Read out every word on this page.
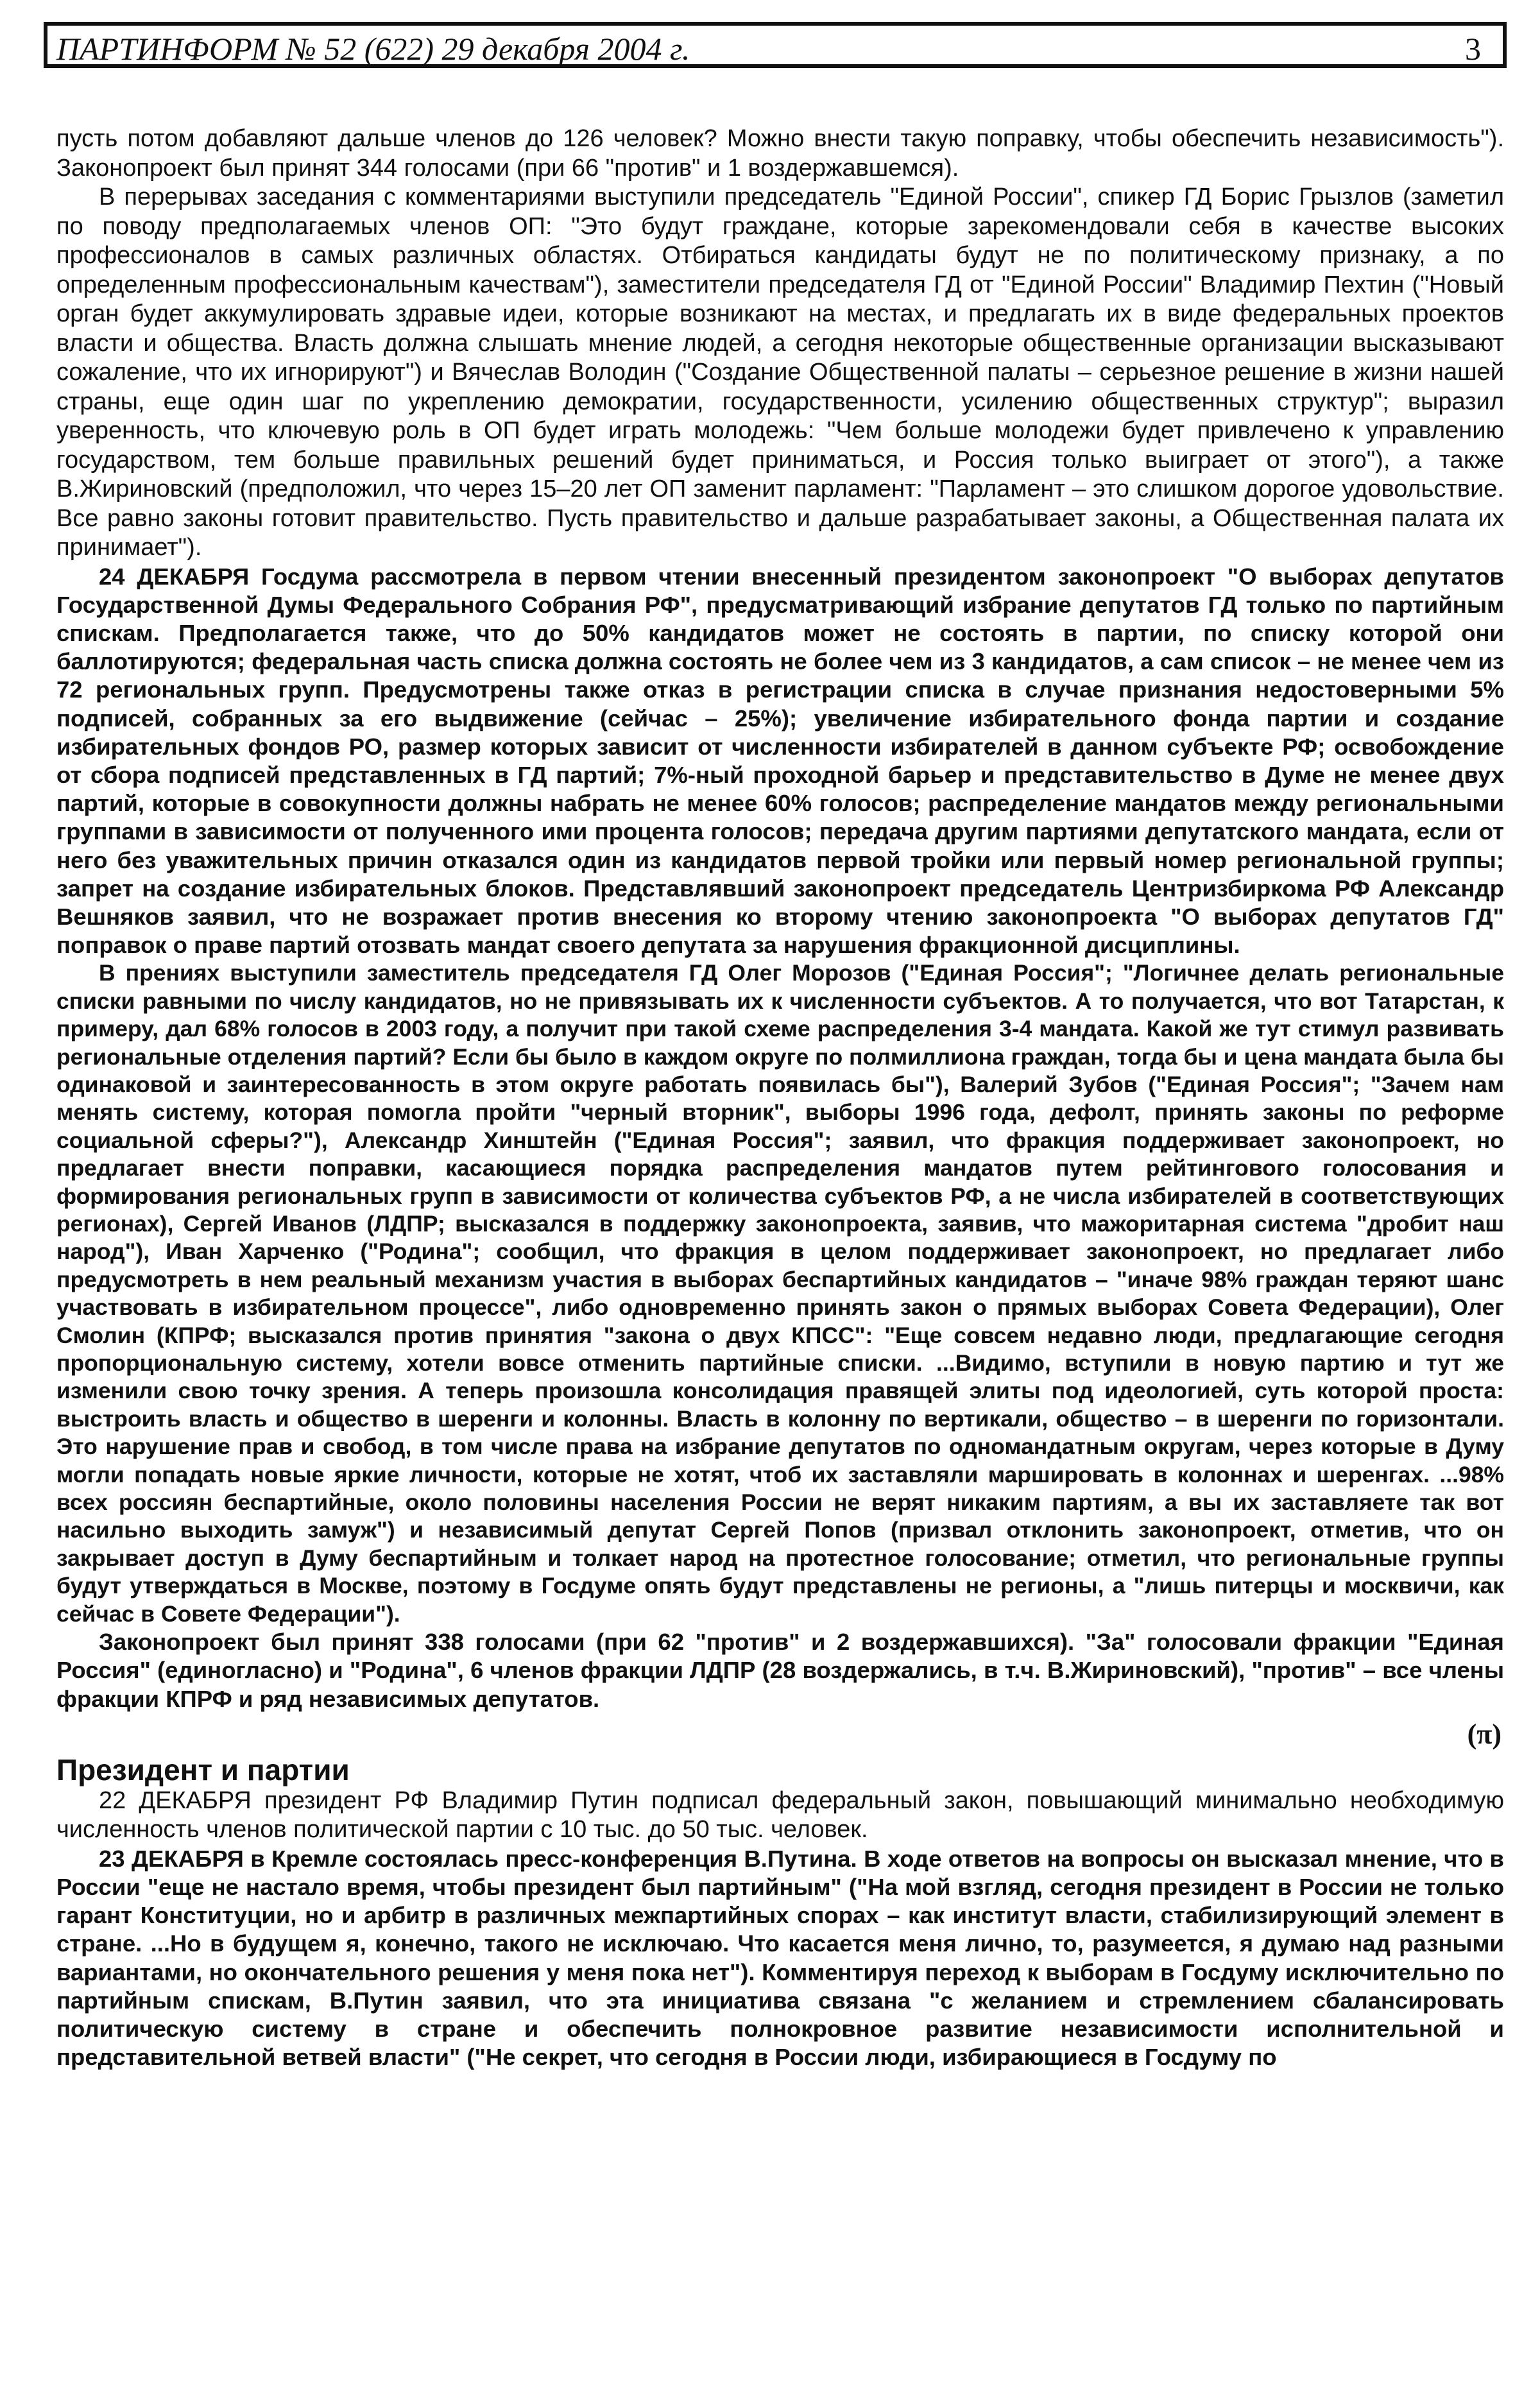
ПАРТИНФОРМ № 52 (622) 29 декабря 2004 г.	3

пусть потом добавляют дальше членов до 126 человек? Можно внести такую поправку, чтобы обеспечить независимость"). Законопроект был принят 344 голосами (при 66 "против" и 1 воздержавшемся).

В перерывах заседания с комментариями выступили председатель "Единой России", спикер ГД Борис Грызлов (заметил по поводу предполагаемых членов ОП: "Это будут граждане, которые зарекомендовали себя в качестве высоких профессионалов в самых различных областях. Отбираться кандидаты будут не по политическому признаку, а по определенным профессиональным качествам"), заместители председателя ГД от "Единой России" Владимир Пехтин ("Новый орган будет аккумулировать здравые идеи, которые возникают на местах, и предлагать их в виде федеральных проектов власти и общества. Власть должна слышать мнение людей, а сегодня некоторые общественные организации высказывают сожаление, что их игнорируют") и Вячеслав Володин ("Создание Общественной палаты – серьезное решение в жизни нашей страны, еще один шаг по укреплению демократии, государственности, усилению общественных структур"; выразил уверенность, что ключевую роль в ОП будет играть молодежь: "Чем больше молодежи будет привлечено к управлению государством, тем больше правильных решений будет приниматься, и Россия только выиграет от этого"), а также В.Жириновский (предположил, что через 15–20 лет ОП заменит парламент: "Парламент – это слишком дорогое удовольствие. Все равно законы готовит правительство. Пусть правительство и дальше разрабатывает законы, а Общественная палата их принимает").

24 ДЕКАБРЯ Госдума рассмотрела в первом чтении внесенный президентом законопроект "О выборах депутатов Государственной Думы Федерального Собрания РФ", предусматривающий избрание депутатов ГД только по партийным спискам. Предполагается также, что до 50% кандидатов может не состоять в партии, по списку которой они баллотируются; федеральная часть списка должна состоять не более чем из 3 кандидатов, а сам список – не менее чем из 72 региональных групп. Предусмотрены также отказ в регистрации списка в случае признания недостоверными 5% подписей, собранных за его выдвижение (сейчас – 25%); увеличение избирательного фонда партии и создание избирательных фондов РО, размер которых зависит от численности избирателей в данном субъекте РФ; освобождение от сбора подписей представленных в ГД партий; 7%-ный проходной барьер и представительство в Думе не менее двух партий, которые в совокупности должны набрать не менее 60% голосов; распределение мандатов между региональными группами в зависимости от полученного ими процента голосов; передача другим партиями депутатского мандата, если от него без уважительных причин отказался один из кандидатов первой тройки или первый номер региональной группы; запрет на создание избирательных блоков. Представлявший законопроект председатель Центризбиркома РФ Александр Вешняков заявил, что не возражает против внесения ко второму чтению законопроекта "О выборах депутатов ГД" поправок о праве партий отозвать мандат своего депутата за нарушения фракционной дисциплины.

В прениях выступили заместитель председателя ГД Олег Морозов ("Единая Россия"; "Логичнее делать региональные списки равными по числу кандидатов, но не привязывать их к численности субъектов. А то получается, что вот Татарстан, к примеру, дал 68% голосов в 2003 году, а получит при такой схеме распределения 3-4 мандата. Какой же тут стимул развивать региональные отделения партий? Если бы было в каждом округе по полмиллиона граждан, тогда бы и цена мандата была бы одинаковой и заинтересованность в этом округе работать появилась бы"), Валерий Зубов ("Единая Россия"; "Зачем нам менять систему, которая помогла пройти "черный вторник", выборы 1996 года, дефолт, принять законы по реформе социальной сферы?"), Александр Хинштейн ("Единая Россия"; заявил, что фракция поддерживает законопроект, но предлагает внести поправки, касающиеся порядка распределения мандатов путем рейтингового голосования и формирования региональных групп в зависимости от количества субъектов РФ, а не числа избирателей в соответствующих регионах), Сергей Иванов (ЛДПР; высказался в поддержку законопроекта, заявив, что мажоритарная система "дробит наш народ"), Иван Харченко ("Родина"; сообщил, что фракция в целом поддерживает законопроект, но предлагает либо предусмотреть в нем реальный механизм участия в выборах беспартийных кандидатов – "иначе 98% граждан теряют шанс участвовать в избирательном процессе", либо одновременно принять закон о прямых выборах Совета Федерации), Олег Смолин (КПРФ; высказался против принятия "закона о двух КПСС": "Еще совсем недавно люди, предлагающие сегодня пропорциональную систему, хотели вовсе отменить партийные списки. ...Видимо, вступили в новую партию и тут же изменили свою точку зрения. А теперь произошла консолидация правящей элиты под идеологией, суть которой проста: выстроить власть и общество в шеренги и колонны. Власть в колонну по вертикали, общество – в шеренги по горизонтали. Это нарушение прав и свобод, в том числе права на избрание депутатов по одномандатным округам, через которые в Думу могли попадать новые яркие личности, которые не хотят, чтоб их заставляли маршировать в колоннах и шеренгах. ...98% всех россиян беспартийные, около половины населения России не верят никаким партиям, а вы их заставляете так вот насильно выходить замуж") и независимый депутат Сергей Попов (призвал отклонить законопроект, отметив, что он закрывает доступ в Думу беспартийным и толкает народ на протестное голосование; отметил, что региональные группы будут утверждаться в Москве, поэтому в Госдуме опять будут представлены не регионы, а "лишь питерцы и москвичи, как сейчас в Совете Федерации").

Законопроект был принят 338 голосами (при 62 "против" и 2 воздержавшихся). "За" голосовали фракции "Единая Россия" (единогласно) и "Родина", 6 членов фракции ЛДПР (28 воздержались, в т.ч. В.Жириновский), "против" – все члены фракции КПРФ и ряд независимых депутатов.

(π)
Президент и партии

22 ДЕКАБРЯ президент РФ Владимир Путин подписал федеральный закон, повышающий минимально необходимую численность членов политической партии с 10 тыс. до 50 тыс. человек.

23 ДЕКАБРЯ в Кремле состоялась пресс-конференция В.Путина. В ходе ответов на вопросы он высказал мнение, что в России "еще не настало время, чтобы президент был партийным" ("На мой взгляд, сегодня президент в России не только гарант Конституции, но и арбитр в различных межпартийных спорах – как институт власти, стабилизирующий элемент в стране. ...Но в будущем я, конечно, такого не исключаю. Что касается меня лично, то, разумеется, я думаю над разными вариантами, но окончательного решения у меня пока нет"). Комментируя переход к выборам в Госдуму исключительно по партийным спискам, В.Путин заявил, что эта инициатива связана "с желанием и стремлением сбалансировать политическую систему в стране и обеспечить полнокровное развитие независимости исполнительной и представительной ветвей власти" ("Не секрет, что сегодня в России люди, избирающиеся в Госдуму по
